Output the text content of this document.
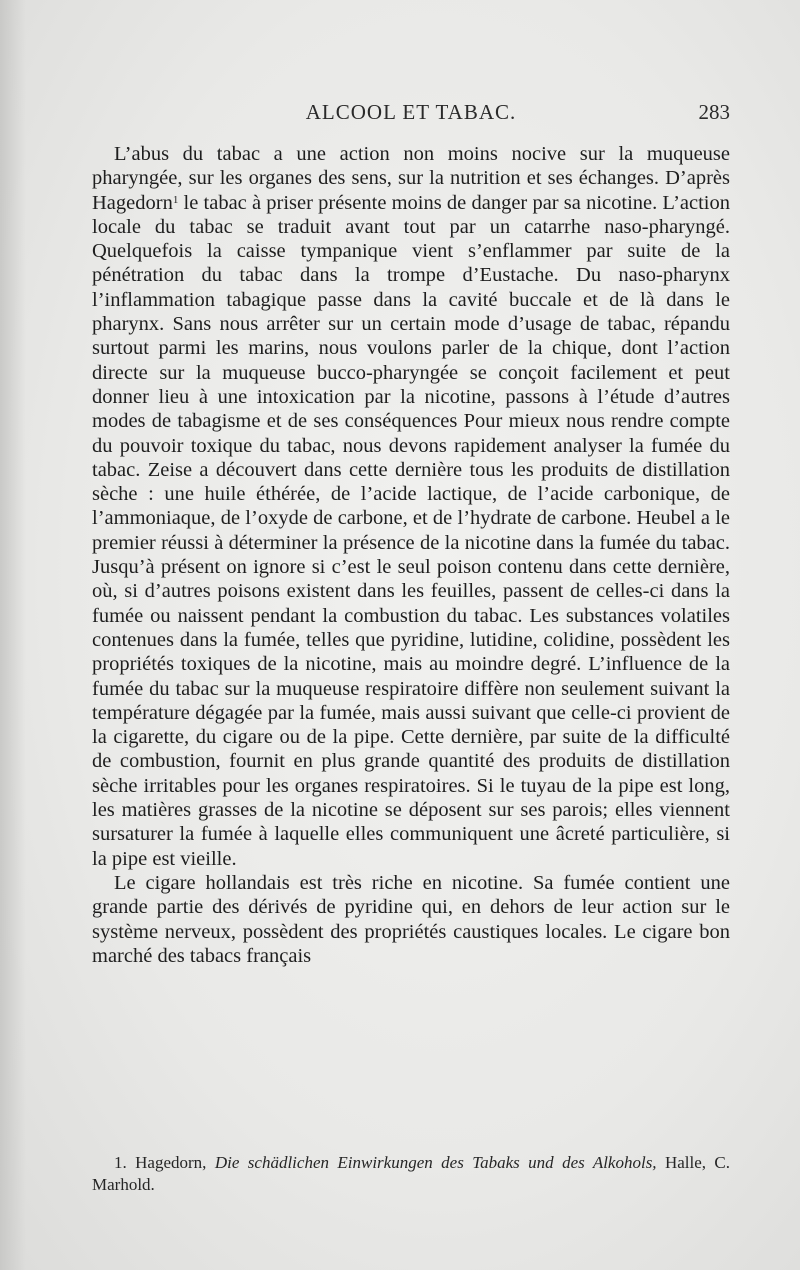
ALCOOL ET TABAC.	283

L’abus du tabac a une action non moins nocive sur la muqueuse pharyngée, sur les organes des sens, sur la nutrition et ses échanges. D’après Hagedorn$^1$ le tabac à priser présente moins de danger par sa nicotine. L’action locale du tabac se traduit avant tout par un catarrhe naso-pharyngé. Quelquefois la caisse tympanique vient s’enflammer par suite de la pénétration du tabac dans la trompe d’Eustache. Du naso-pharynx l’inflammation tabagique passe dans la cavité buccale et de là dans le pharynx. Sans nous arrêter sur un certain mode d’usage de tabac, répandu surtout parmi les marins, nous voulons parler de la chique, dont l’action directe sur la muqueuse bucco-pharyngée se conçoit facilement et peut donner lieu à une intoxication par la nicotine, passons à l’étude d’autres modes de tabagisme et de ses conséquences Pour mieux nous rendre compte du pouvoir toxique du tabac, nous devons rapidement analyser la fumée du tabac. Zeise a découvert dans cette dernière tous les produits de distillation sèche : une huile éthérée, de l’acide lactique, de l’acide carbonique, de l’ammoniaque, de l’oxyde de carbone, et de l’hydrate de carbone. Heubel a le premier réussi à déterminer la présence de la nicotine dans la fumée du tabac. Jusqu’à présent on ignore si c’est le seul poison contenu dans cette dernière, où, si d’autres poisons existent dans les feuilles, passent de celles-ci dans la fumée ou naissent pendant la combustion du tabac. Les substances volatiles contenues dans la fumée, telles que pyridine, lutidine, colidine, possèdent les propriétés toxiques de la nicotine, mais au moindre degré. L’influence de la fumée du tabac sur la muqueuse respiratoire diffère non seulement suivant la température dégagée par la fumée, mais aussi suivant que celle-ci provient de la cigarette, du cigare ou de la pipe. Cette dernière, par suite de la difficulté de combustion, fournit en plus grande quantité des produits de distillation sèche irritables pour les organes respiratoires. Si le tuyau de la pipe est long, les matières grasses de la nicotine se déposent sur ses parois; elles viennent sursaturer la fumée à laquelle elles communiquent une âcreté particulière, si la pipe est vieille.

Le cigare hollandais est très riche en nicotine. Sa fumée contient une grande partie des dérivés de pyridine qui, en dehors de leur action sur le système nerveux, possèdent des propriétés caustiques locales. Le cigare bon marché des tabacs français

1. Hagedorn, Die schädlichen Einwirkungen des Tabaks und des Alkohols, Halle, C. Marhold.
